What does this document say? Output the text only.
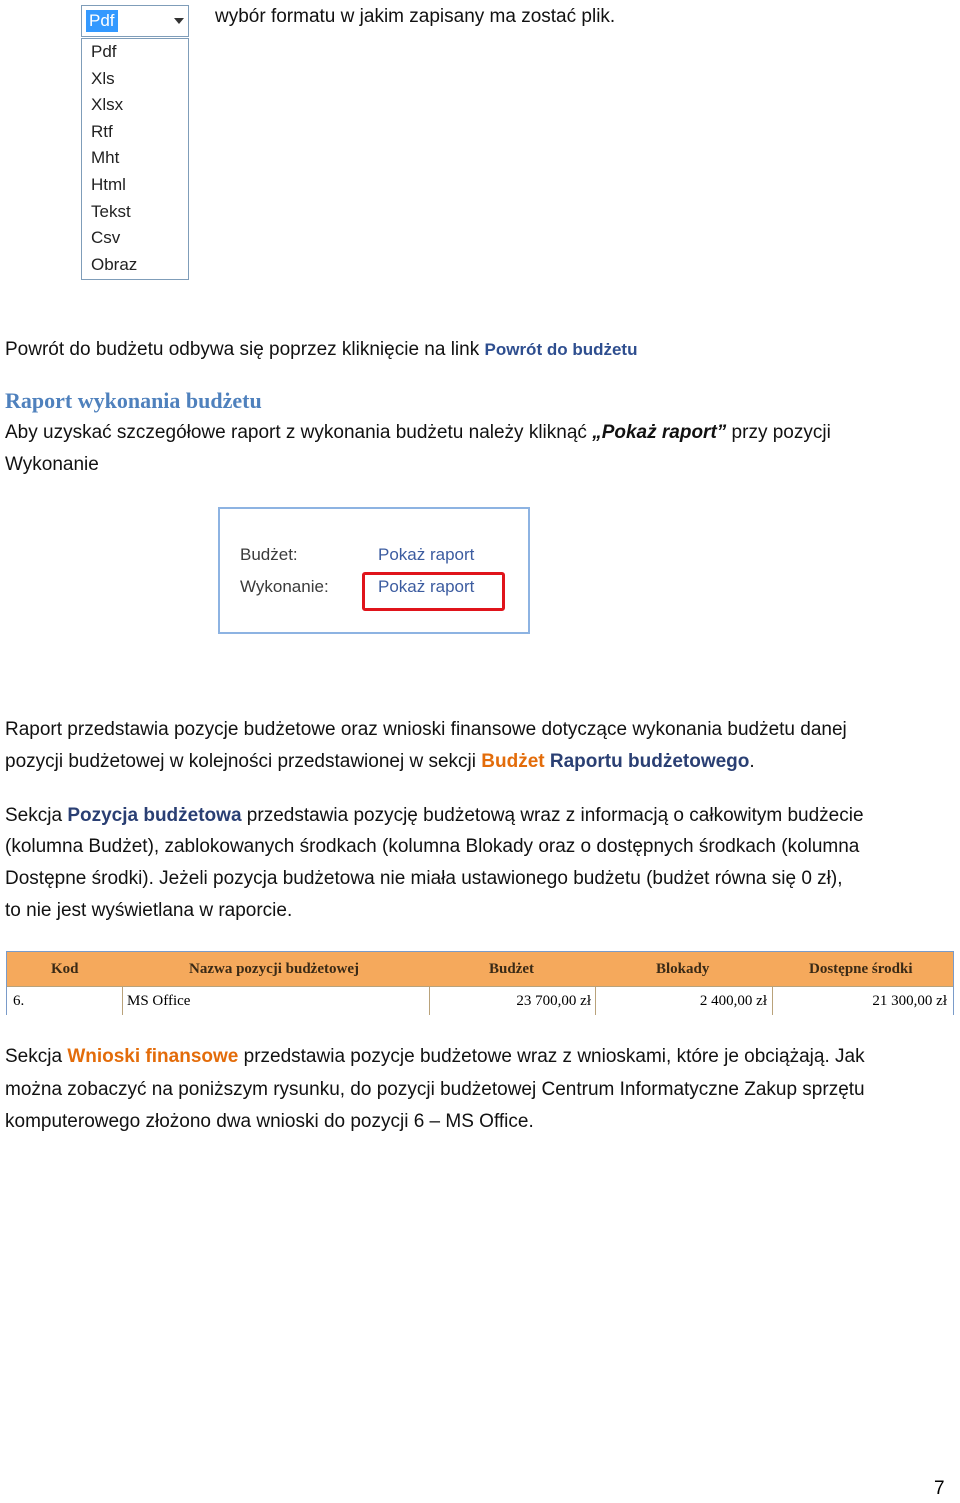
Pdf
Pdf
Xls
Xlsx
Rtf
Mht
Html
Tekst
Csv
Obraz
wybór formatu w jakim zapisany ma zostać plik.
Powrót do budżetu odbywa się poprzez kliknięcie na link Powrót do budżetu
Raport wykonania budżetu
Aby uzyskać szczegółowe raport z wykonania budżetu należy kliknąć „Pokaż raport” przy pozycji
Wykonanie
Budżet:	Pokaż raport
Wykonanie:	Pokaż raport
Raport przedstawia pozycje budżetowe oraz wnioski finansowe dotyczące wykonania budżetu danej
pozycji budżetowej w kolejności przedstawionej w sekcji Budżet Raportu budżetowego.
Sekcja Pozycja budżetowa przedstawia pozycję budżetową wraz z informacją o całkowitym budżecie
(kolumna Budżet), zablokowanych środkach (kolumna Blokady oraz o dostępnych środkach (kolumna
Dostępne środki). Jeżeli pozycja budżetowa nie miała ustawionego budżetu (budżet równa się 0 zł),
to nie jest wyświetlana w raporcie.
Kod	Nazwa pozycji budżetowej	Budżet	Blokady	Dostępne środki
6.	MS Office	23 700,00 zł	2 400,00 zł	21 300,00 zł
Sekcja Wnioski finansowe przedstawia pozycje budżetowe wraz z wnioskami, które je obciążają. Jak
można zobaczyć na poniższym rysunku, do pozycji budżetowej Centrum Informatyczne Zakup sprzętu
komputerowego złożono dwa wnioski do pozycji 6 – MS Office.
7
